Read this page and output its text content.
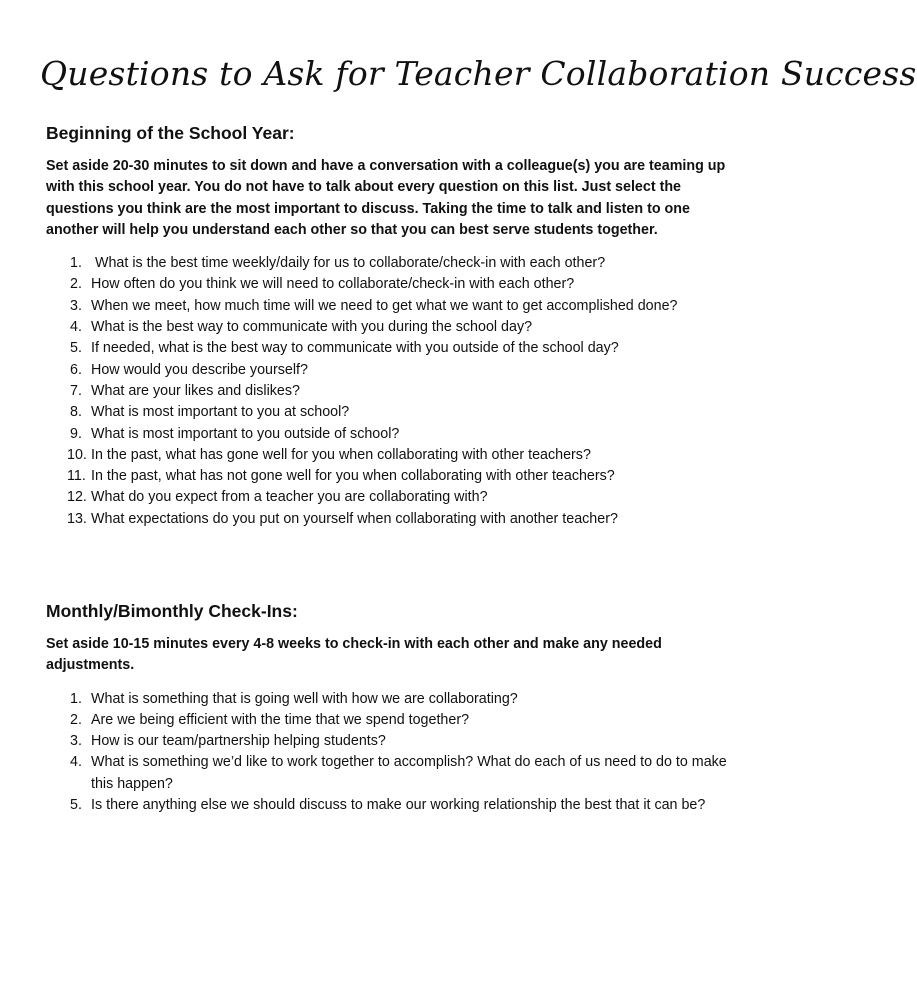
Questions to Ask for Teacher Collaboration Success

Beginning of the School Year:

Set aside 20-30 minutes to sit down and have a conversation with a colleague(s) you are teaming up with this school year. You do not have to talk about every question on this list. Just select the questions you think are the most important to discuss. Taking the time to talk and listen to one another will help you understand each other so that you can best serve students together.

1. What is the best time weekly/daily for us to collaborate/check-in with each other?
2. How often do you think we will need to collaborate/check-in with each other?
3. When we meet, how much time will we need to get what we want to get accomplished done?
4. What is the best way to communicate with you during the school day?
5. If needed, what is the best way to communicate with you outside of the school day?
6. How would you describe yourself?
7. What are your likes and dislikes?
8. What is most important to you at school?
9. What is most important to you outside of school?
10. In the past, what has gone well for you when collaborating with other teachers?
11. In the past, what has not gone well for you when collaborating with other teachers?
12. What do you expect from a teacher you are collaborating with?
13. What expectations do you put on yourself when collaborating with another teacher?

Monthly/Bimonthly Check-Ins:

Set aside 10-15 minutes every 4-8 weeks to check-in with each other and make any needed adjustments.

1. What is something that is going well with how we are collaborating?
2. Are we being efficient with the time that we spend together?
3. How is our team/partnership helping students?
4. What is something we’d like to work together to accomplish? What do each of us need to do to make this happen?
5. Is there anything else we should discuss to make our working relationship the best that it can be?
